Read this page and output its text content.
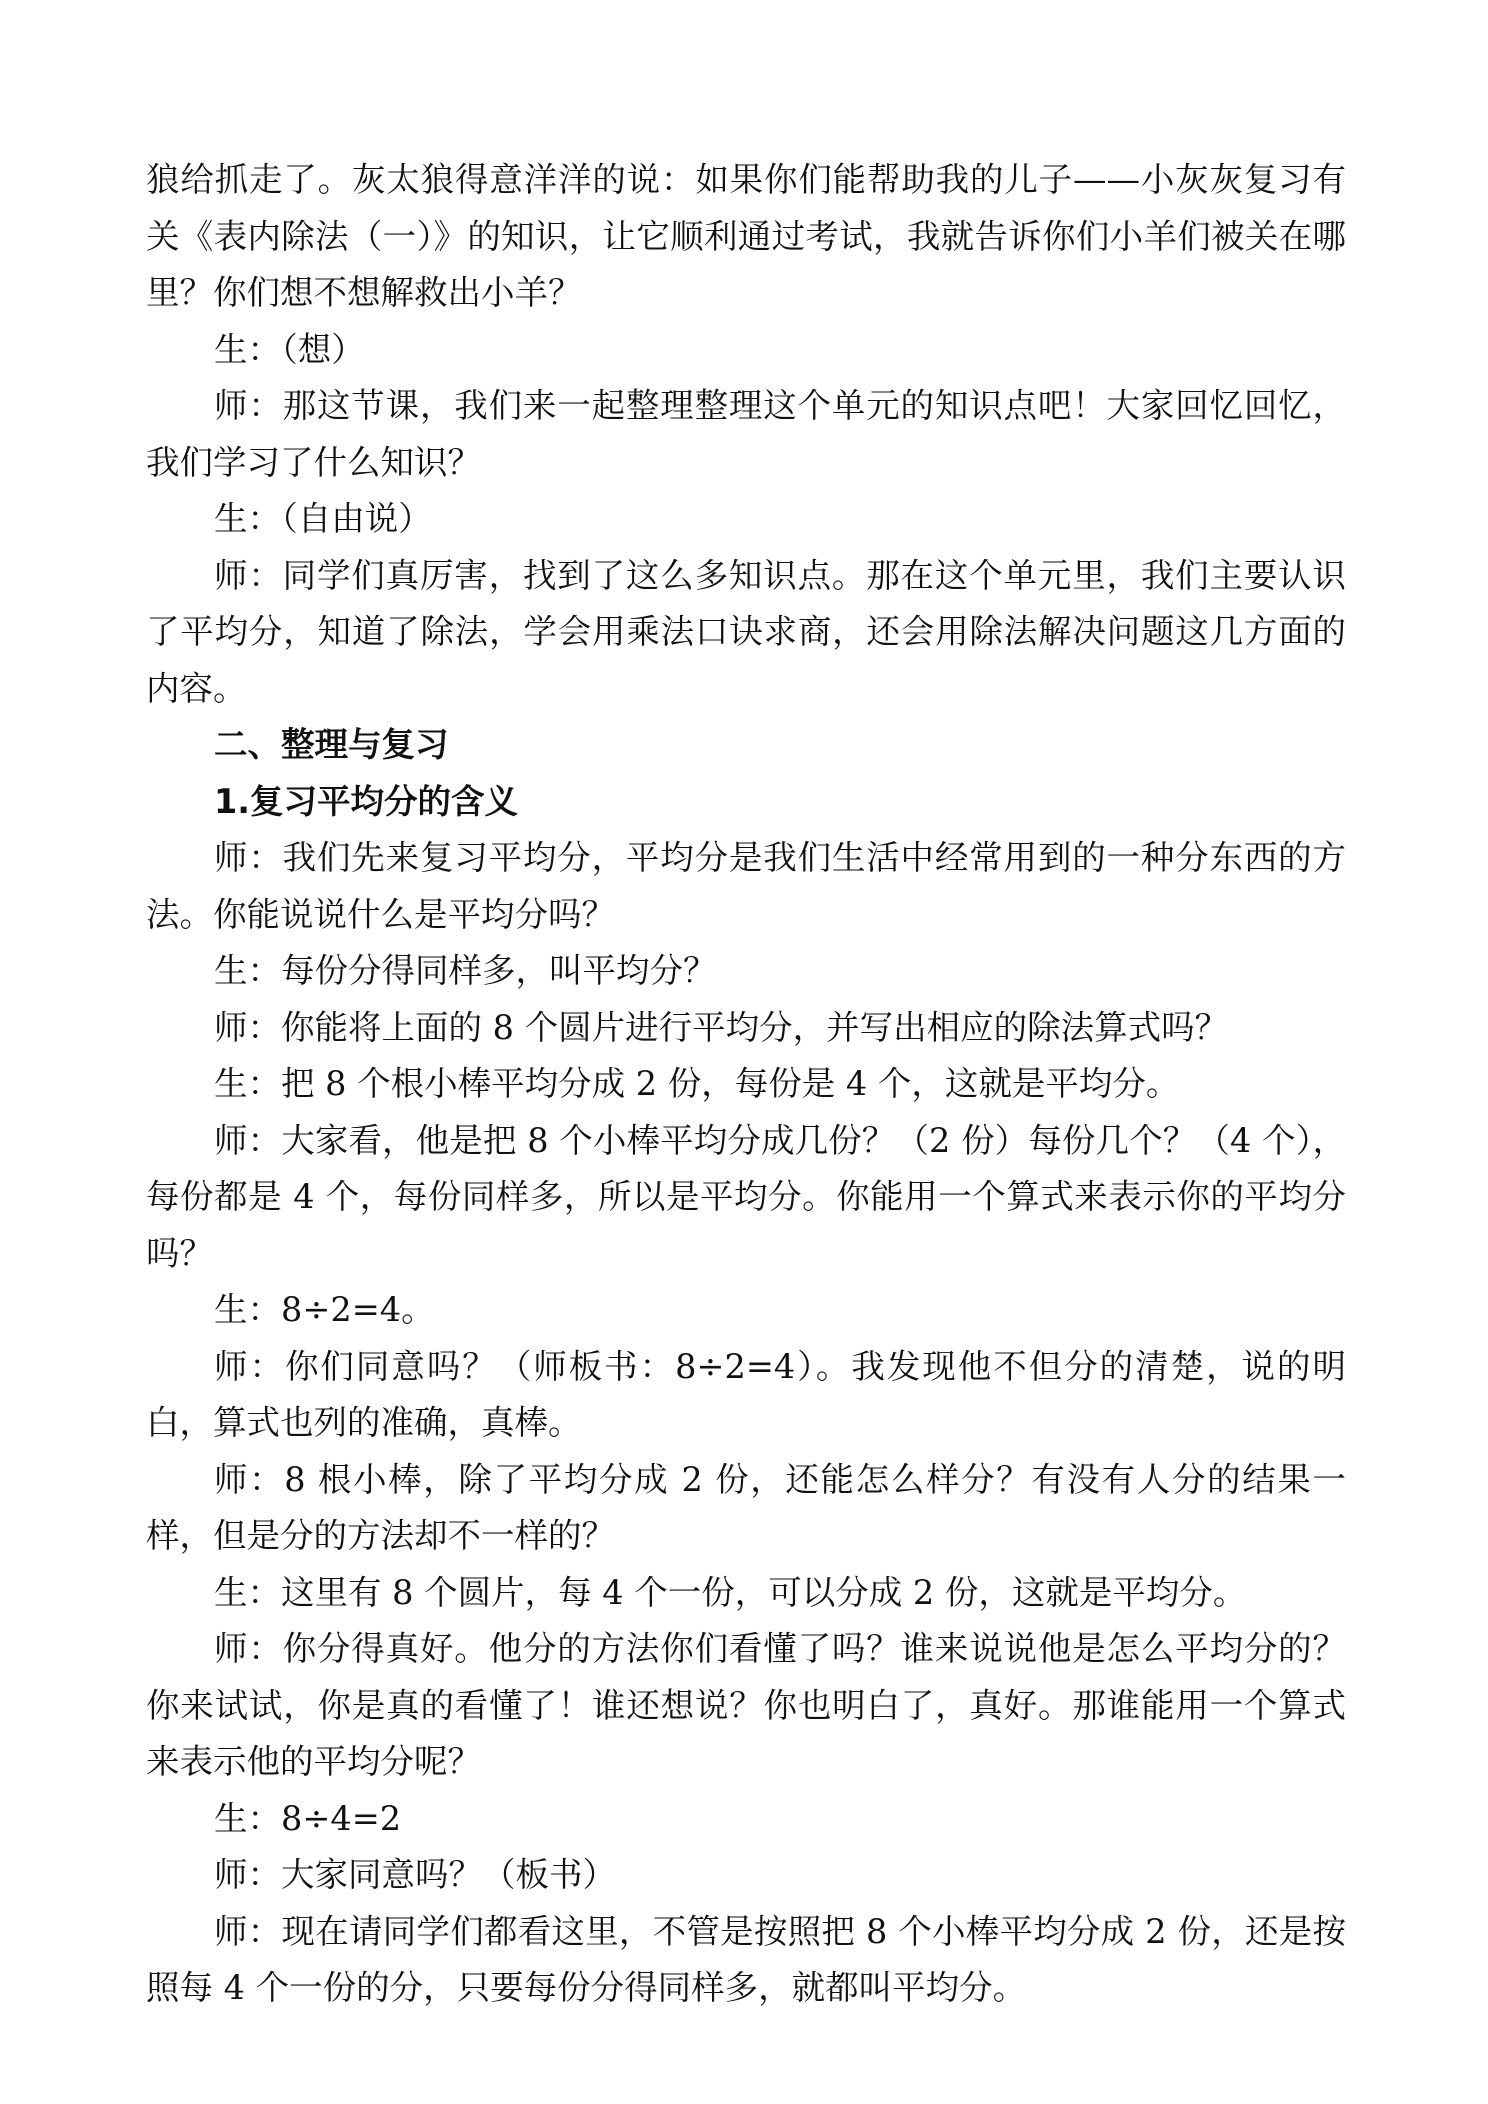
狼给抓走了。灰太狼得意洋洋的说：如果你们能帮助我的儿子——小灰灰复习有关《表内除法（一）》的知识，让它顺利通过考试，我就告诉你们小羊们被关在哪里？你们想不想解救出小羊？

生：（想）

师：那这节课，我们来一起整理整理这个单元的知识点吧！大家回忆回忆，我们学习了什么知识？

生：（自由说）

师：同学们真厉害，找到了这么多知识点。那在这个单元里，我们主要认识了平均分，知道了除法，学会用乘法口诀求商，还会用除法解决问题这几方面的内容。

二、整理与复习

1.复习平均分的含义

师：我们先来复习平均分，平均分是我们生活中经常用到的一种分东西的方法。你能说说什么是平均分吗？

生：每份分得同样多，叫平均分？

师：你能将上面的 8 个圆片进行平均分，并写出相应的除法算式吗？

生：把 8 个根小棒平均分成 2 份，每份是 4 个，这就是平均分。

师：大家看，他是把 8 个小棒平均分成几份？（2 份）每份几个？（4 个），每份都是 4 个，每份同样多，所以是平均分。你能用一个算式来表示你的平均分吗？

生：8÷2=4。

师：你们同意吗？（师板书：8÷2=4）。我发现他不但分的清楚，说的明白，算式也列的准确，真棒。

师：8 根小棒，除了平均分成 2 份，还能怎么样分？有没有人分的结果一样，但是分的方法却不一样的？

生：这里有 8 个圆片，每 4 个一份，可以分成 2 份，这就是平均分。

师：你分得真好。他分的方法你们看懂了吗？谁来说说他是怎么平均分的？你来试试，你是真的看懂了！谁还想说？你也明白了，真好。那谁能用一个算式来表示他的平均分呢？

生：8÷4=2

师：大家同意吗？（板书）

师：现在请同学们都看这里，不管是按照把 8 个小棒平均分成 2 份，还是按照每 4 个一份的分，只要每份分得同样多，就都叫平均分。
